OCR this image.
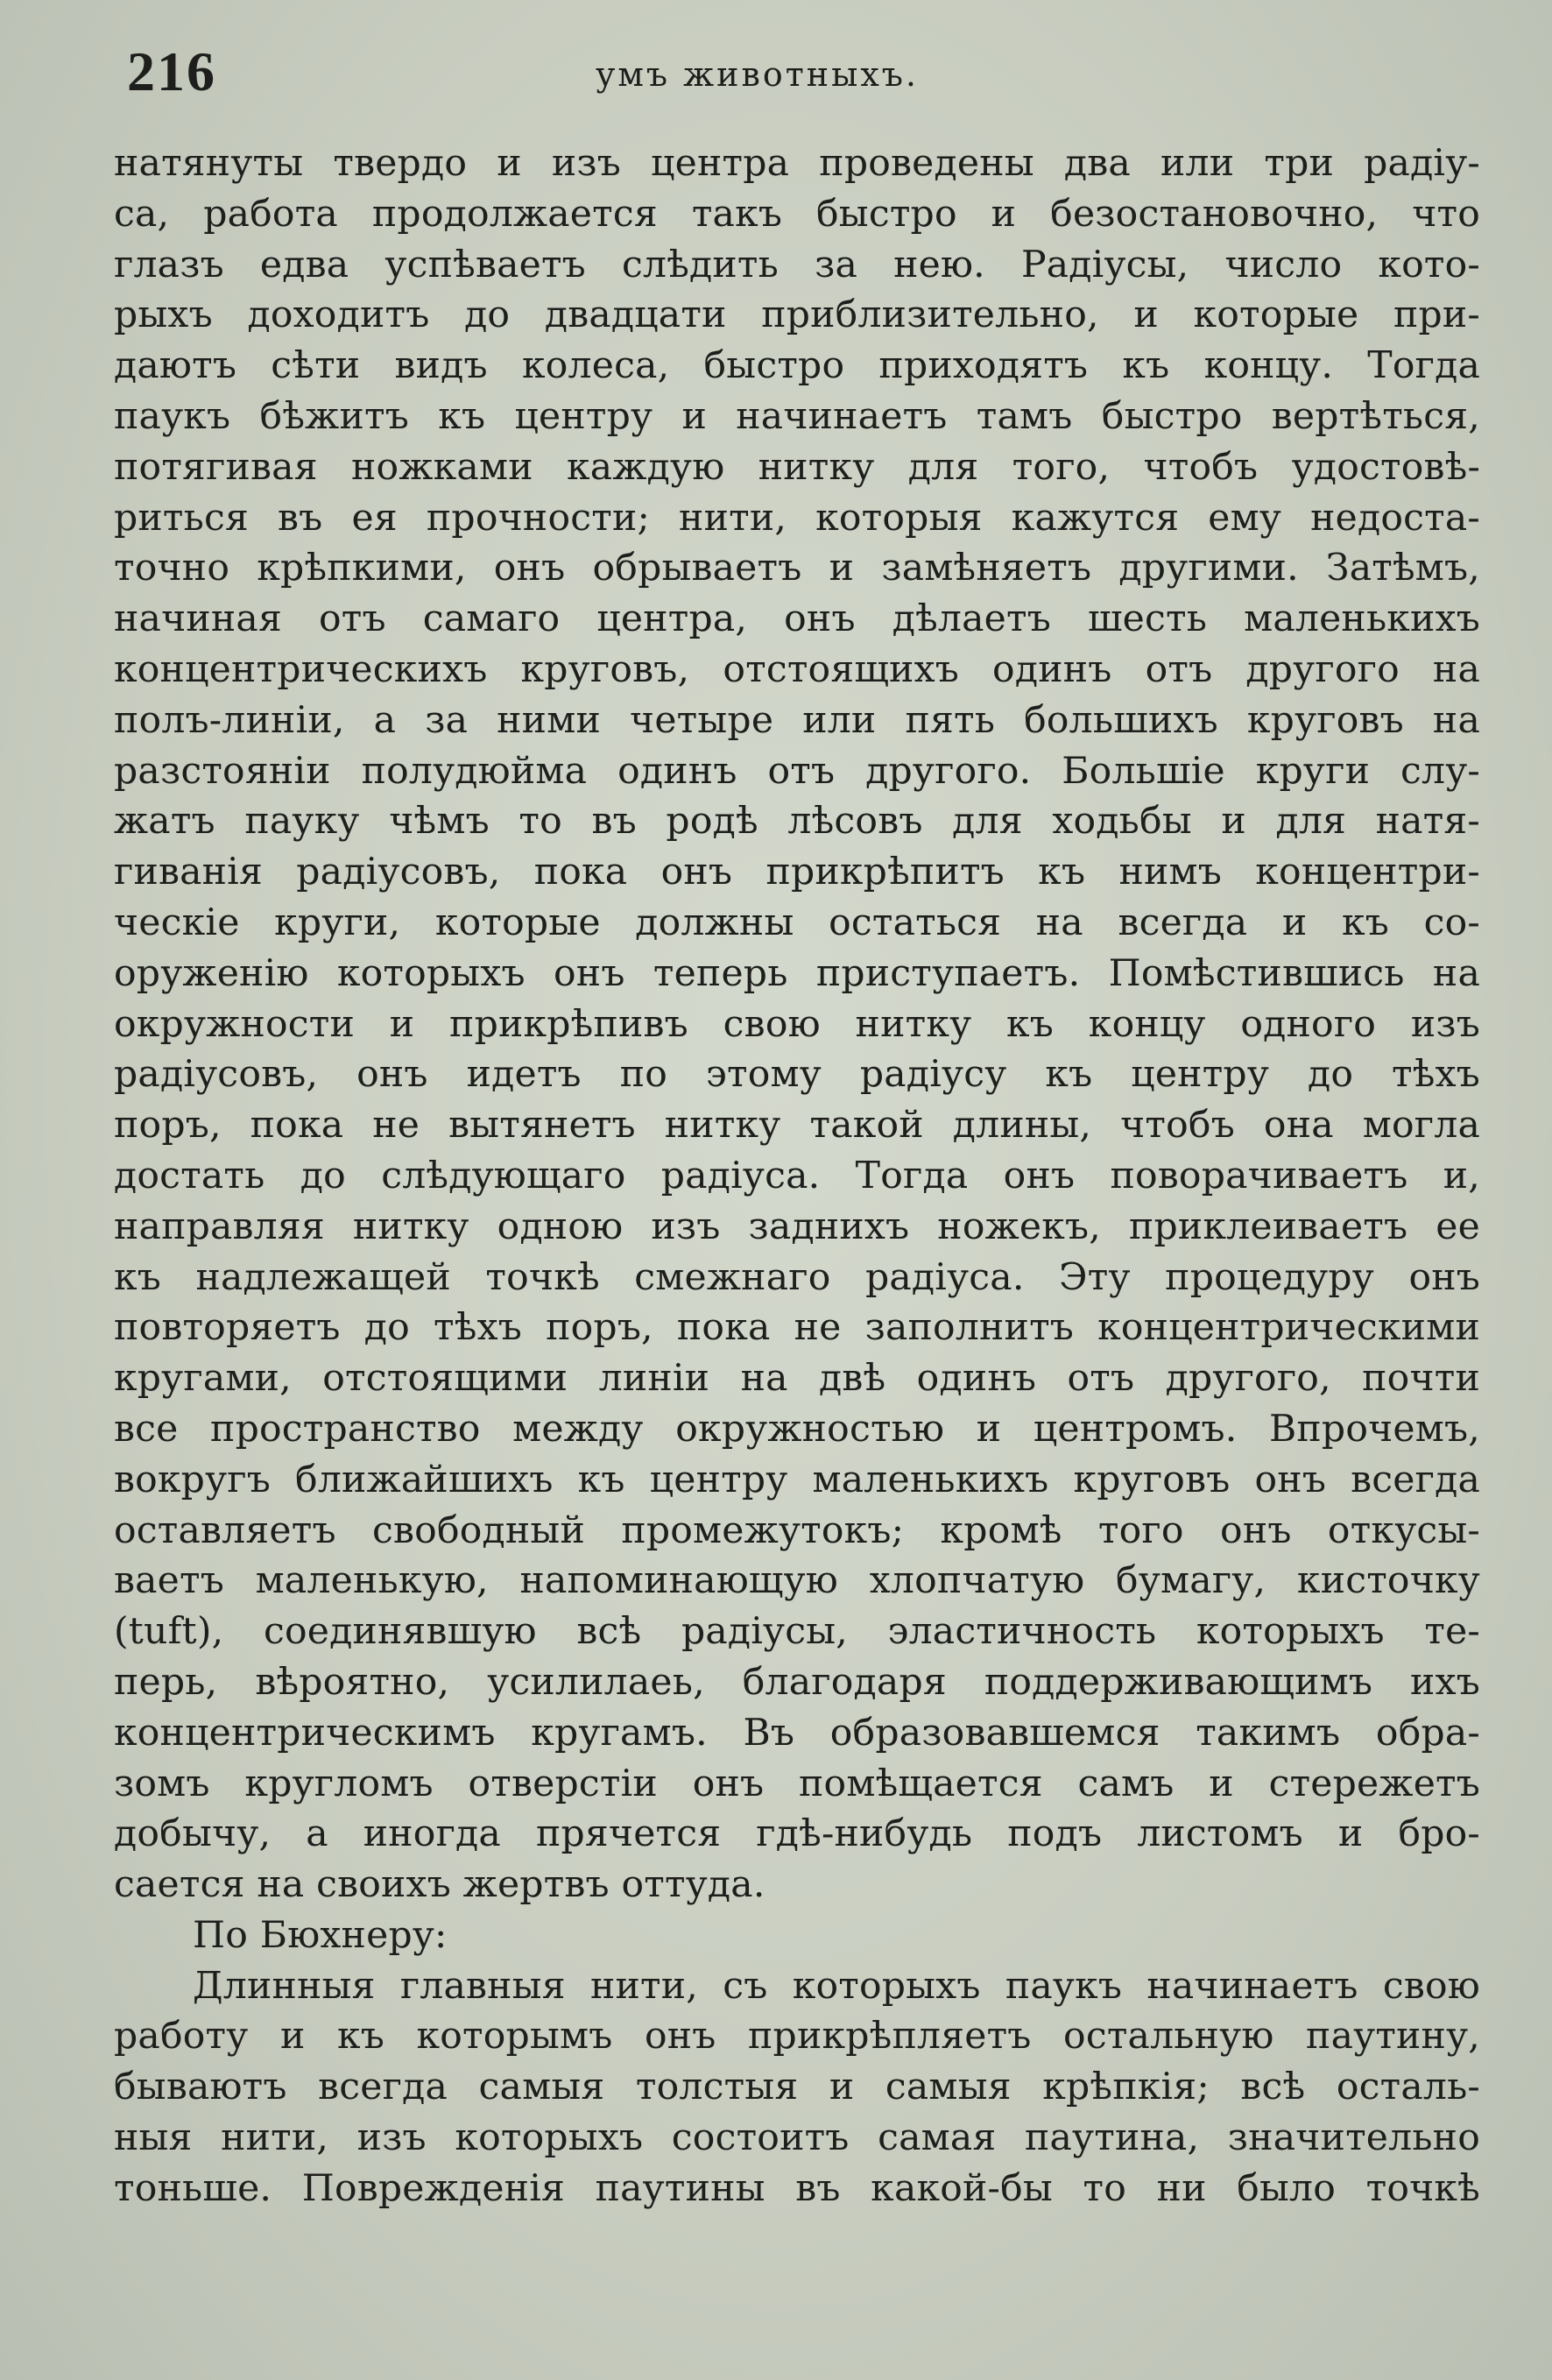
216	умъ животныхъ.
натянуты твердо и изъ центра проведены два или три радіу-
са, работа продолжается такъ быстро и безостановочно, что
глазъ едва успѣваетъ слѣдить за нею. Радіусы, число кото-
рыхъ доходитъ до двадцати приблизительно, и которые при-
даютъ сѣти видъ колеса, быстро приходятъ къ концу. Тогда
паукъ бѣжитъ къ центру и начинаетъ тамъ быстро вертѣться,
потягивая ножками каждую нитку для того, чтобъ удостовѣ-
риться въ ея прочности; нити, которыя кажутся ему недоста-
точно крѣпкими, онъ обрываетъ и замѣняетъ другими. Затѣмъ,
начиная отъ самаго центра, онъ дѣлаетъ шесть маленькихъ
концентрическихъ круговъ, отстоящихъ одинъ отъ другого на
полъ-линіи, а за ними четыре или пять большихъ круговъ на
разстояніи полудюйма одинъ отъ другого. Большіе круги слу-
жатъ пауку чѣмъ то въ родѣ лѣсовъ для ходьбы и для натя-
гиванія радіусовъ, пока онъ прикрѣпитъ къ нимъ концентри-
ческіе круги, которые должны остаться на всегда и къ со-
оруженію которыхъ онъ теперь приступаетъ. Помѣстившись на
окружности и прикрѣпивъ свою нитку къ концу одного изъ
радіусовъ, онъ идетъ по этому радіусу къ центру до тѣхъ
поръ, пока не вытянетъ нитку такой длины, чтобъ она могла
достать до слѣдующаго радіуса. Тогда онъ поворачиваетъ и,
направляя нитку одною изъ заднихъ ножекъ, приклеиваетъ ее
къ надлежащей точкѣ смежнаго радіуса. Эту процедуру онъ
повторяетъ до тѣхъ поръ, пока не заполнитъ концентрическими
кругами, отстоящими линіи на двѣ одинъ отъ другого, почти
все пространство между окружностью и центромъ. Впрочемъ,
вокругъ ближайшихъ къ центру маленькихъ круговъ онъ всегда
оставляетъ свободный промежутокъ; кромѣ того онъ откусы-
ваетъ маленькую, напоминающую хлопчатую бумагу, кисточку
(tuft), соединявшую всѣ радіусы, эластичность которыхъ те-
перь, вѣроятно, усилилаеь, благодаря поддерживающимъ ихъ
концентрическимъ кругамъ. Въ образовавшемся такимъ обра-
зомъ кругломъ отверстіи онъ помѣщается самъ и стережетъ
добычу, а иногда прячется гдѣ-нибудь подъ листомъ и бро-
сается на своихъ жертвъ оттуда.
По Бюхнеру:
Длинныя главныя нити, съ которыхъ паукъ начинаетъ свою
работу и къ которымъ онъ прикрѣпляетъ остальную паутину,
бываютъ всегда самыя толстыя и самыя крѣпкія; всѣ осталь-
ныя нити, изъ которыхъ состоитъ самая паутина, значительно
тоньше. Поврежденія паутины въ какой-бы то ни было точкѣ
